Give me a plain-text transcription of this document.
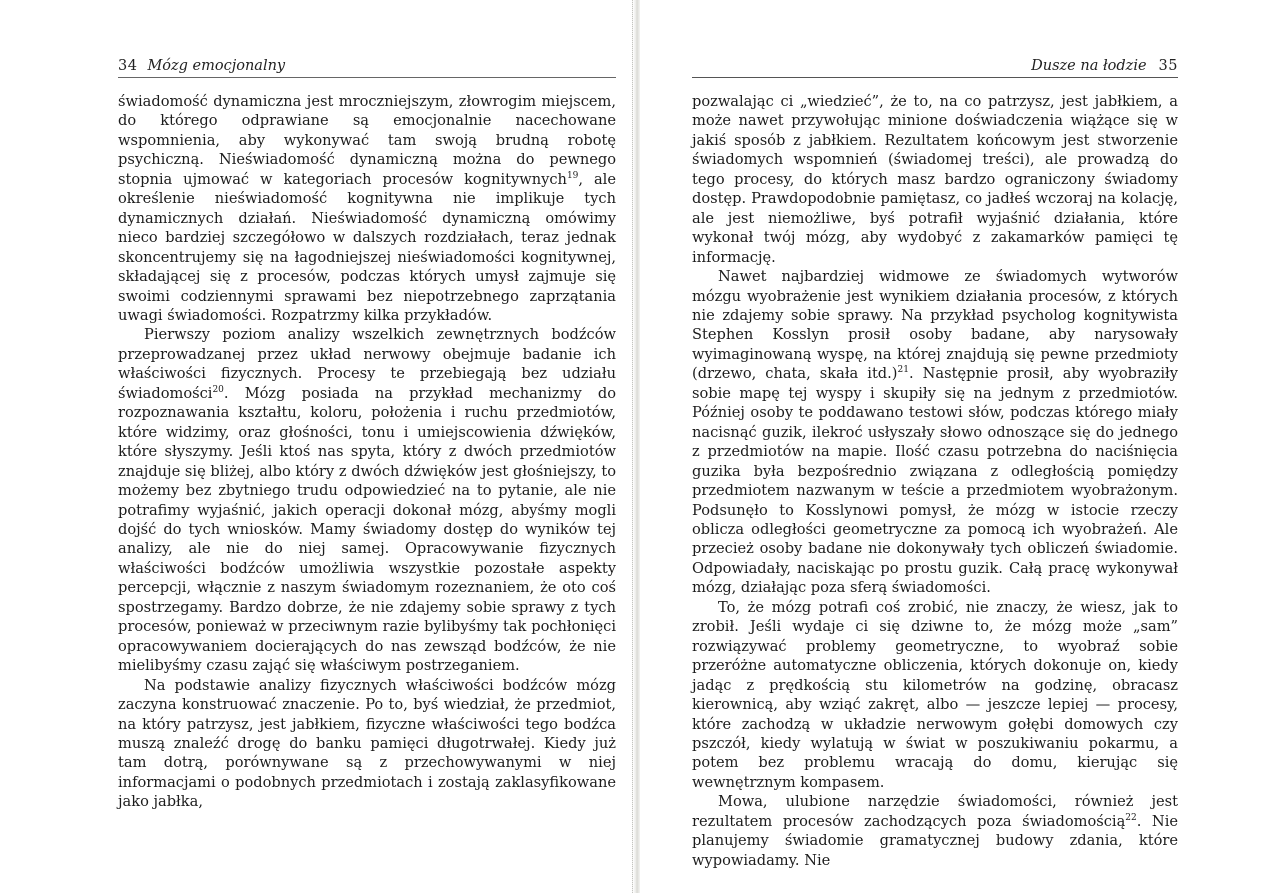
34 Mózg emocjonalny

świadomość dynamiczna jest mroczniejszym, złowrogim miejscem, do którego odprawiane są emocjonalnie nacechowane wspomnienia, aby wykonywać tam swoją brudną robotę psychiczną. Nieświadomość dynamiczną można do pewnego stopnia ujmować w kategoriach procesów kognitywnych$^{19}$, ale określenie nieświadomość kognitywna nie implikuje tych dynamicznych działań. Nieświadomość dynamiczną omówimy nieco bardziej szczegółowo w dalszych rozdziałach, teraz jednak skoncentrujemy się na łagodniejszej nieświadomości kognitywnej, składającej się z procesów, podczas których umysł zajmuje się swoimi codziennymi sprawami bez niepotrzebnego zaprzątania uwagi świadomości. Rozpatrzmy kilka przykładów.

Pierwszy poziom analizy wszelkich zewnętrznych bodźców przeprowadzanej przez układ nerwowy obejmuje badanie ich właściwości fizycznych. Procesy te przebiegają bez udziału świadomości$^{20}$. Mózg posiada na przykład mechanizmy do rozpoznawania kształtu, koloru, położenia i ruchu przedmiotów, które widzimy, oraz głośności, tonu i umiejscowienia dźwięków, które słyszymy. Jeśli ktoś nas spyta, który z dwóch przedmiotów znajduje się bliżej, albo który z dwóch dźwięków jest głośniejszy, to możemy bez zbytniego trudu odpowiedzieć na to pytanie, ale nie potrafimy wyjaśnić, jakich operacji dokonał mózg, abyśmy mogli dojść do tych wniosków. Mamy świadomy dostęp do wyników tej analizy, ale nie do niej samej. Opracowywanie fizycznych właściwości bodźców umożliwia wszystkie pozostałe aspekty percepcji, włącznie z naszym świadomym rozeznaniem, że oto coś spostrzegamy. Bardzo dobrze, że nie zdajemy sobie sprawy z tych procesów, ponieważ w przeciwnym razie bylibyśmy tak pochłonięci opracowywaniem docierających do nas zewsząd bodźców, że nie mielibyśmy czasu zająć się właściwym postrzeganiem.

Na podstawie analizy fizycznych właściwości bodźców mózg zaczyna konstruować znaczenie. Po to, byś wiedział, że przedmiot, na który patrzysz, jest jabłkiem, fizyczne właściwości tego bodźca muszą znaleźć drogę do banku pamięci długotrwałej. Kiedy już tam dotrą, porównywane są z przechowywanymi w niej informacjami o podobnych przedmiotach i zostają zaklasyfikowane jako jabłka,

Dusze na łodzie 35

pozwalając ci „wiedzieć”, że to, na co patrzysz, jest jabłkiem, a może nawet przywołując minione doświadczenia wiążące się w jakiś sposób z jabłkiem. Rezultatem końcowym jest stworzenie świadomych wspomnień (świadomej treści), ale prowadzą do tego procesy, do których masz bardzo ograniczony świadomy dostęp. Prawdopodobnie pamiętasz, co jadłeś wczoraj na kolację, ale jest niemożliwe, byś potrafił wyjaśnić działania, które wykonał twój mózg, aby wydobyć z zakamarków pamięci tę informację.

Nawet najbardziej widmowe ze świadomych wytworów mózgu wyobrażenie jest wynikiem działania procesów, z których nie zdajemy sobie sprawy. Na przykład psycholog kognitywista Stephen Kosslyn prosił osoby badane, aby narysowały wyimaginowaną wyspę, na której znajdują się pewne przedmioty (drzewo, chata, skała itd.)$^{21}$. Następnie prosił, aby wyobraziły sobie mapę tej wyspy i skupiły się na jednym z przedmiotów. Później osoby te poddawano testowi słów, podczas którego miały nacisnąć guzik, ilekroć usłyszały słowo odnoszące się do jednego z przedmiotów na mapie. Ilość czasu potrzebna do naciśnięcia guzika była bezpośrednio związana z odległością pomiędzy przedmiotem nazwanym w teście a przedmiotem wyobrażonym. Podsunęło to Kosslynowi pomysł, że mózg w istocie rzeczy oblicza odległości geometryczne za pomocą ich wyobrażeń. Ale przecież osoby badane nie dokonywały tych obliczeń świadomie. Odpowiadały, naciskając po prostu guzik. Całą pracę wykonywał mózg, działając poza sferą świadomości.

To, że mózg potrafi coś zrobić, nie znaczy, że wiesz, jak to zrobił. Jeśli wydaje ci się dziwne to, że mózg może „sam” rozwiązywać problemy geometryczne, to wyobraź sobie przeróżne automatyczne obliczenia, których dokonuje on, kiedy jadąc z prędkością stu kilometrów na godzinę, obracasz kierownicą, aby wziąć zakręt, albo — jeszcze lepiej — procesy, które zachodzą w układzie nerwowym gołębi domowych czy pszczół, kiedy wylatują w świat w poszukiwaniu pokarmu, a potem bez problemu wracają do domu, kierując się wewnętrznym kompasem.

Mowa, ulubione narzędzie świadomości, również jest rezultatem procesów zachodzących poza świadomością$^{22}$. Nie planujemy świadomie gramatycznej budowy zdania, które wypowiadamy. Nie
